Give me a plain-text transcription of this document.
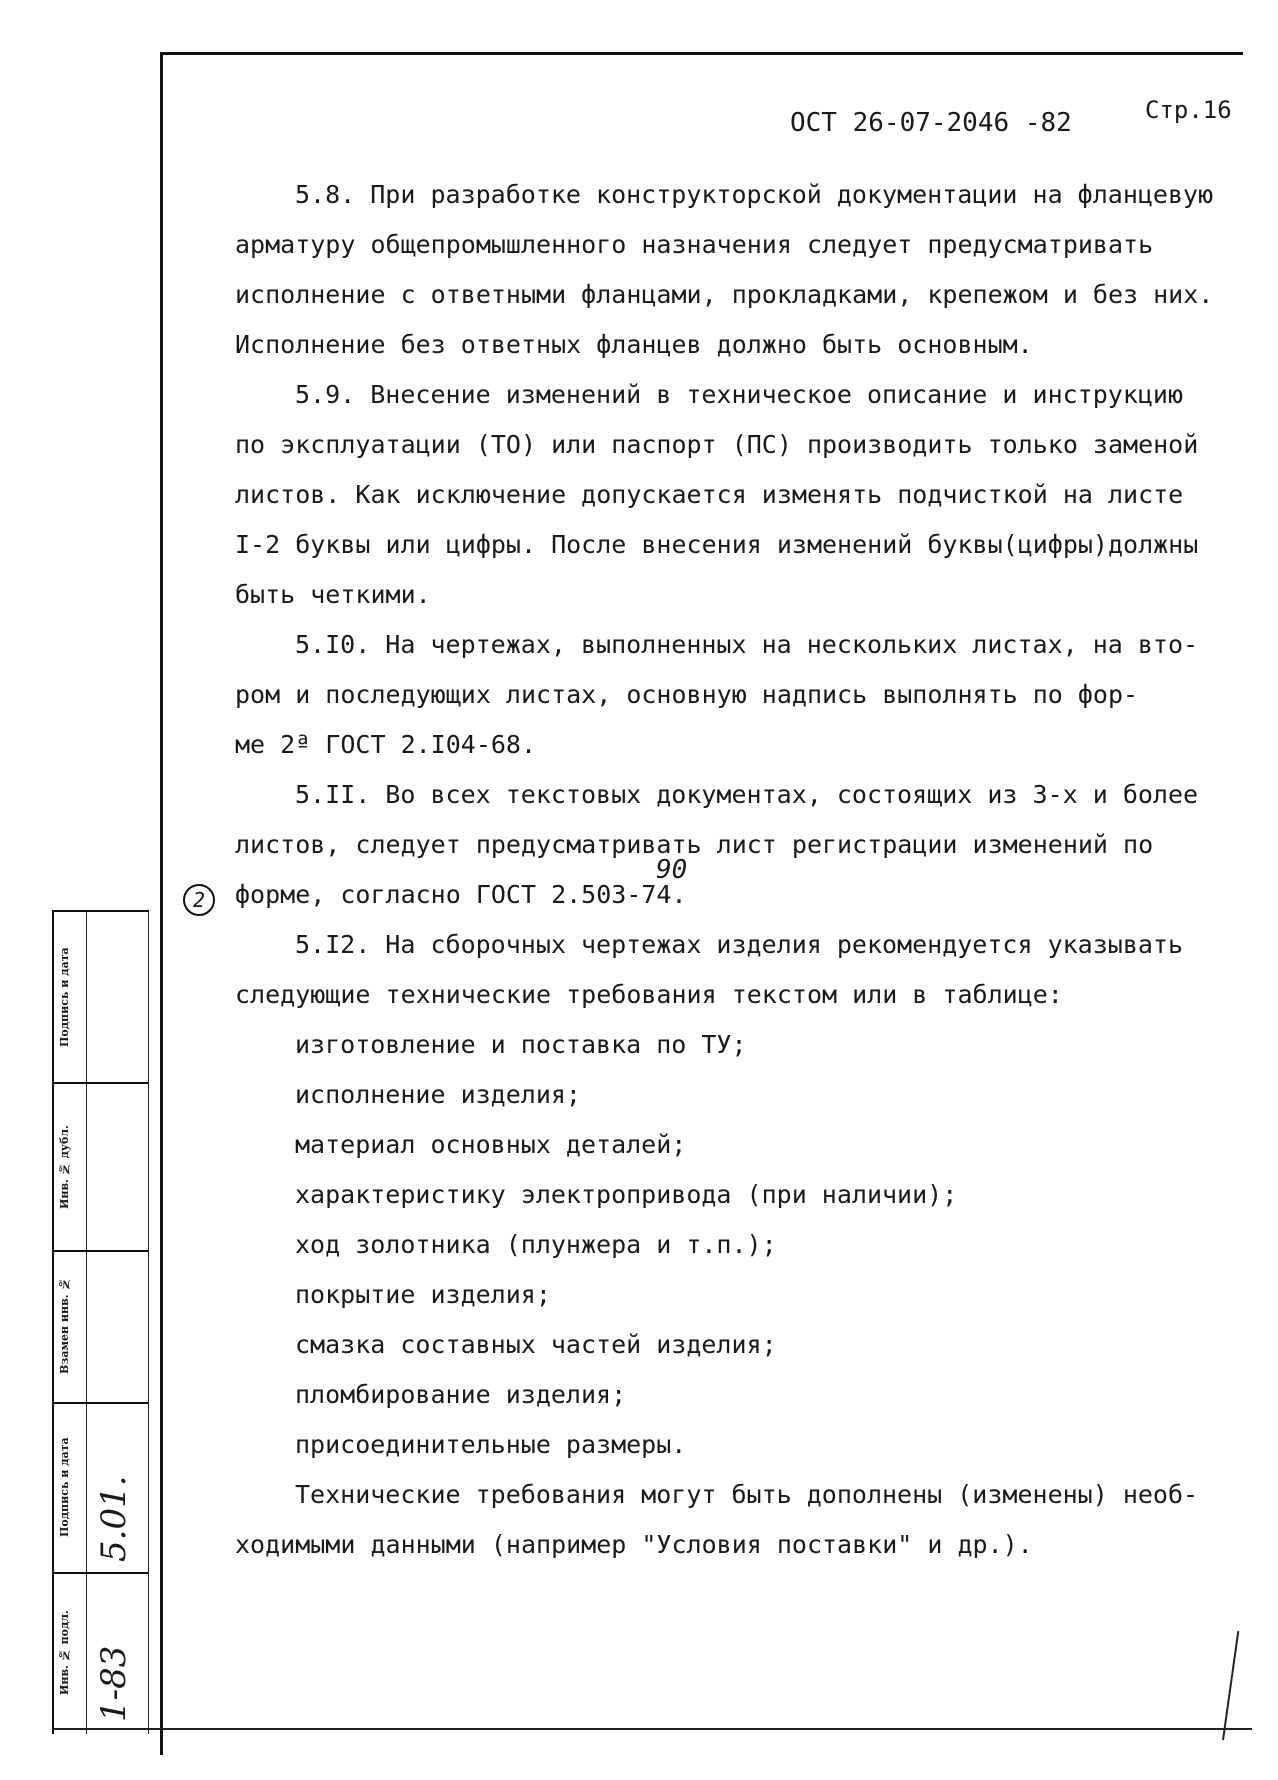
ОСТ 26-07-2046 -82	Стр.16
2
90
5.8. При разработке конструкторской документации на фланцевую
арматуру общепромышленного назначения следует предусматривать
исполнение с ответными фланцами, прокладками, крепежом и без них.
Исполнение без ответных фланцев должно быть основным.
5.9. Внесение изменений в техническое описание и инструкцию
по эксплуатации (ТО) или паспорт (ПС) производить только заменой
листов. Как исключение допускается изменять подчисткой на листе
I-2 буквы или цифры. После внесения изменений буквы(цифры)должны
быть четкими.
5.I0. На чертежах, выполненных на нескольких листах, на вто-
ром и последующих листах, основную надпись выполнять по фор-
ме 2ª ГОСТ 2.I04-68.
5.II. Во всех текстовых документах, состоящих из 3-х и более
листов, следует предусматривать лист регистрации изменений по
форме, согласно ГОСТ 2.503-74.
5.I2. На сборочных чертежах изделия рекомендуется указывать
следующие технические требования текстом или в таблице:
изготовление и поставка по ТУ;
исполнение изделия;
материал основных деталей;
характеристику электропривода (при наличии);
ход золотника (плунжера и т.п.);
покрытие изделия;
смазка составных частей изделия;
пломбирование изделия;
присоединительные размеры.
Технические требования могут быть дополнены (изменены) необ-
ходимыми данными (например "Условия поставки" и др.).
Подпись и дата
Инв. № дубл.
Взамен инв. №
Подпись и дата
Инв. № подл.
5.01.
1-83
